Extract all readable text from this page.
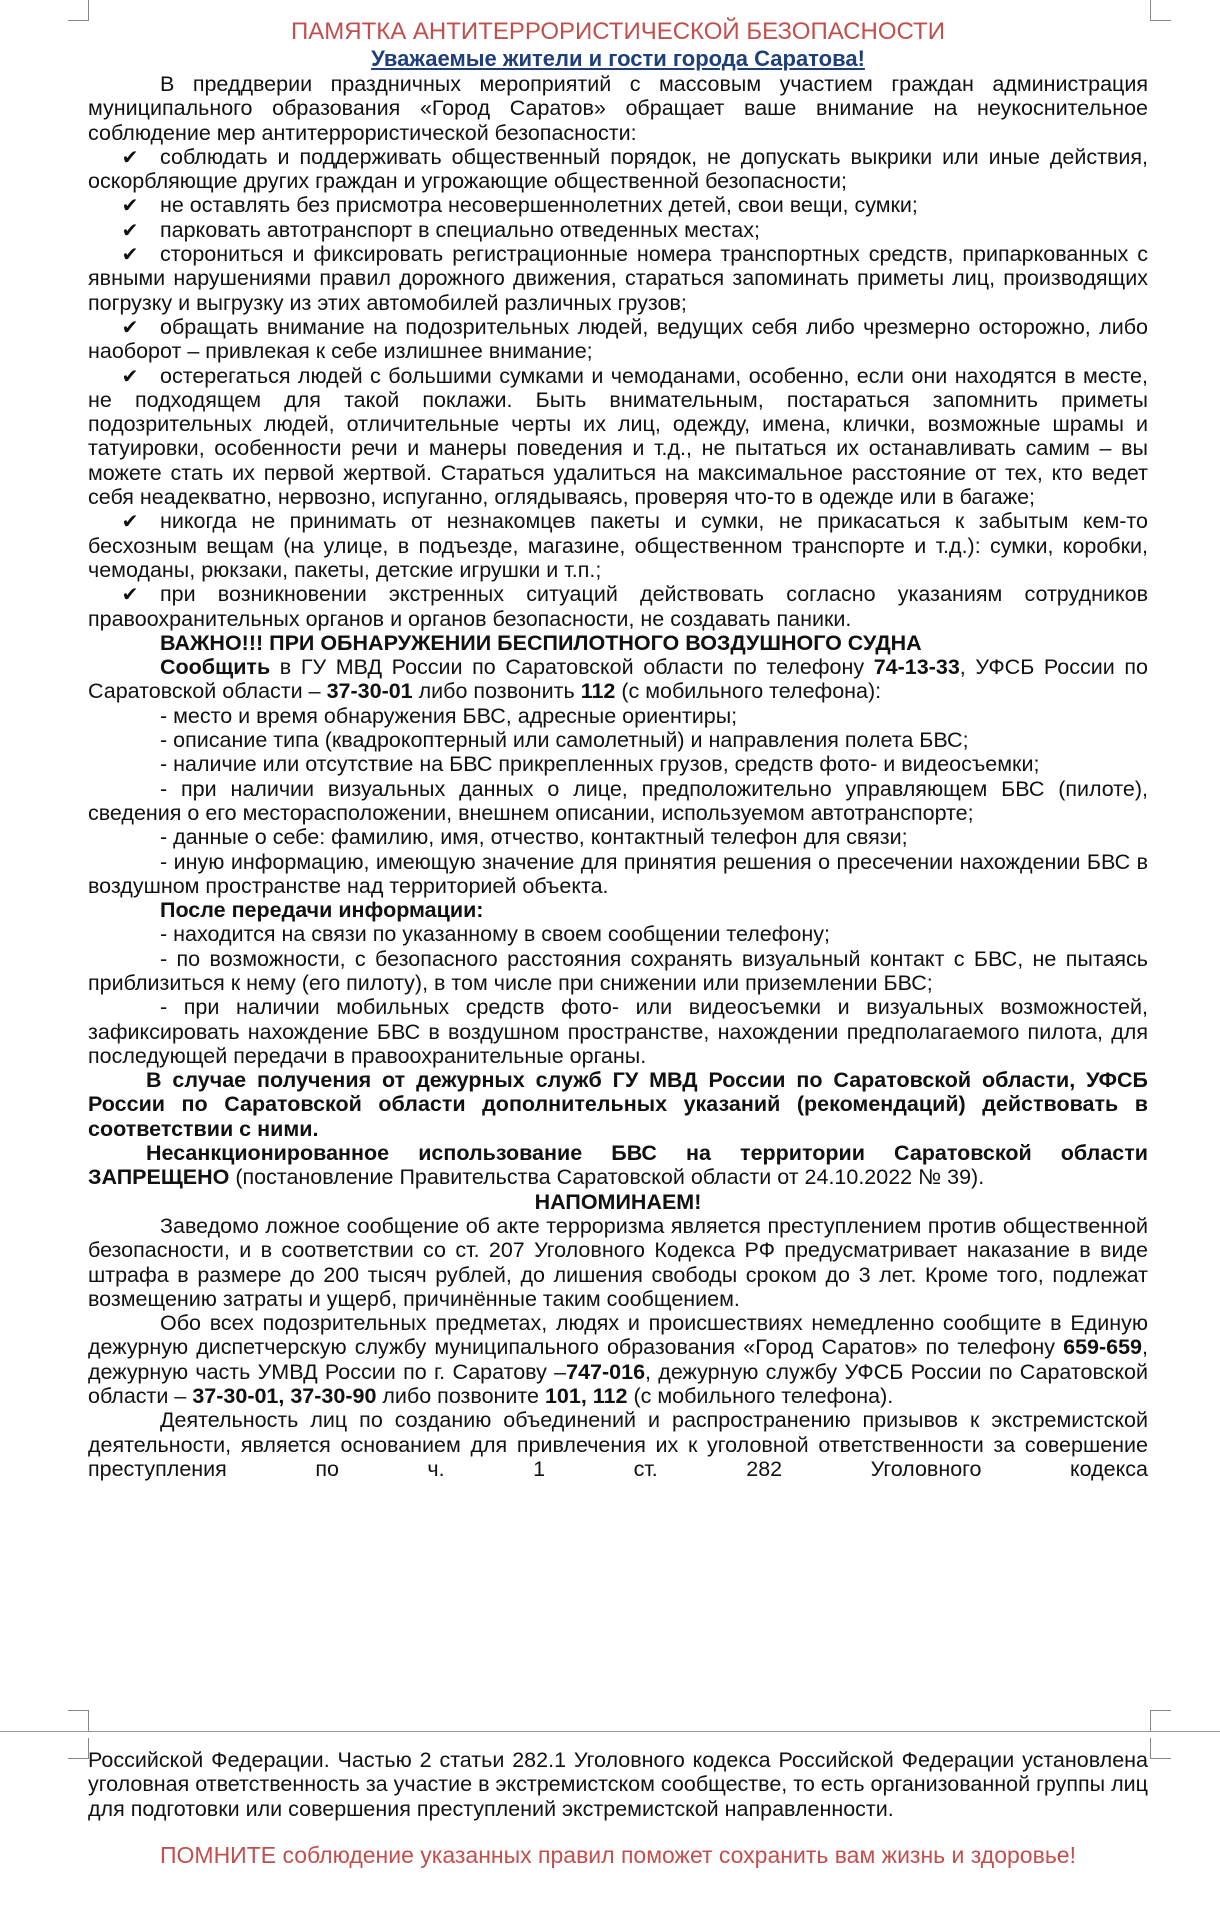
ПАМЯТКА АНТИТЕРРОРИСТИЧЕСКОЙ БЕЗОПАСНОСТИ

Уважаемые жители и гости города Саратова!

В преддверии праздничных мероприятий с массовым участием граждан администрация муниципального образования «Город Саратов» обращает ваше внимание на неукоснительное соблюдение мер антитеррористической безопасности:

✔ соблюдать и поддерживать общественный порядок, не допускать выкрики или иные действия, оскорбляющие других граждан и угрожающие общественной безопасности;

✔ не оставлять без присмотра несовершеннолетних детей, свои вещи, сумки;

✔ парковать автотранспорт в специально отведенных местах;

✔ сторониться и фиксировать регистрационные номера транспортных средств, припаркованных с явными нарушениями правил дорожного движения, стараться запоминать приметы лиц, производящих погрузку и выгрузку из этих автомобилей различных грузов;

✔ обращать внимание на подозрительных людей, ведущих себя либо чрезмерно осторожно, либо наоборот – привлекая к себе излишнее внимание;

✔ остерегаться людей с большими сумками и чемоданами, особенно, если они находятся в месте, не подходящем для такой поклажи. Быть внимательным, постараться запомнить приметы подозрительных людей, отличительные черты их лиц, одежду, имена, клички, возможные шрамы и татуировки, особенности речи и манеры поведения и т.д., не пытаться их останавливать самим – вы можете стать их первой жертвой. Стараться удалиться на максимальное расстояние от тех, кто ведет себя неадекватно, нервозно, испуганно, оглядываясь, проверяя что-то в одежде или в багаже;

✔ никогда не принимать от незнакомцев пакеты и сумки, не прикасаться к забытым кем-то бесхозным вещам (на улице, в подъезде, магазине, общественном транспорте и т.д.): сумки, коробки, чемоданы, рюкзаки, пакеты, детские игрушки и т.п.;

✔ при возникновении экстренных ситуаций действовать согласно указаниям сотрудников правоохранительных органов и органов безопасности, не создавать паники.

ВАЖНО!!! ПРИ ОБНАРУЖЕНИИ БЕСПИЛОТНОГО ВОЗДУШНОГО СУДНА

Сообщить в ГУ МВД России по Саратовской области по телефону 74-13-33, УФСБ России по Саратовской области – 37-30-01 либо позвонить 112 (с мобильного телефона):

- место и время обнаружения БВС, адресные ориентиры;

- описание типа (квадрокоптерный или самолетный) и направления полета БВС;

- наличие или отсутствие на БВС прикрепленных грузов, средств фото- и видеосъемки;

- при наличии визуальных данных о лице, предположительно управляющем БВС (пилоте), сведения о его месторасположении, внешнем описании, используемом автотранспорте;

- данные о себе: фамилию, имя, отчество, контактный телефон для связи;

- иную информацию, имеющую значение для принятия решения о пресечении нахождении БВС в воздушном пространстве над территорией объекта.

После передачи информации:

- находится на связи по указанному в своем сообщении телефону;

- по возможности, с безопасного расстояния сохранять визуальный контакт с БВС, не пытаясь приблизиться к нему (его пилоту), в том числе при снижении или приземлении БВС;

- при наличии мобильных средств фото- или видеосъемки и визуальных возможностей, зафиксировать нахождение БВС в воздушном пространстве, нахождении предполагаемого пилота, для последующей передачи в правоохранительные органы.

В случае получения от дежурных служб ГУ МВД России по Саратовской области, УФСБ России по Саратовской области дополнительных указаний (рекомендаций) действовать в соответствии с ними.

Несанкционированное использование БВС на территории Саратовской области ЗАПРЕЩЕНО (постановление Правительства Саратовской области от 24.10.2022 № 39).

НАПОМИНАЕМ!

Заведомо ложное сообщение об акте терроризма является преступлением против общественной безопасности, и в соответствии со ст. 207 Уголовного Кодекса РФ предусматривает наказание в виде штрафа в размере до 200 тысяч рублей, до лишения свободы сроком до 3 лет. Кроме того, подлежат возмещению затраты и ущерб, причинённые таким сообщением.

Обо всех подозрительных предметах, людях и происшествиях немедленно сообщите в Единую дежурную диспетчерскую службу муниципального образования «Город Саратов» по телефону 659-659, дежурную часть УМВД России по г. Саратову –747-016, дежурную службу УФСБ России по Саратовской области – 37-30-01, 37-30-90 либо позвоните 101, 112 (с мобильного телефона).

Деятельность лиц по созданию объединений и распространению призывов к экстремистской деятельности, является основанием для привлечения их к уголовной ответственности за совершение преступления по ч. 1 ст. 282 Уголовного кодекса

Российской Федерации. Частью 2 статьи 282.1 Уголовного кодекса Российской Федерации установлена уголовная ответственность за участие в экстремистском сообществе, то есть организованной группы лиц для подготовки или совершения преступлений экстремистской направленности.

ПОМНИТЕ соблюдение указанных правил поможет сохранить вам жизнь и здоровье!
